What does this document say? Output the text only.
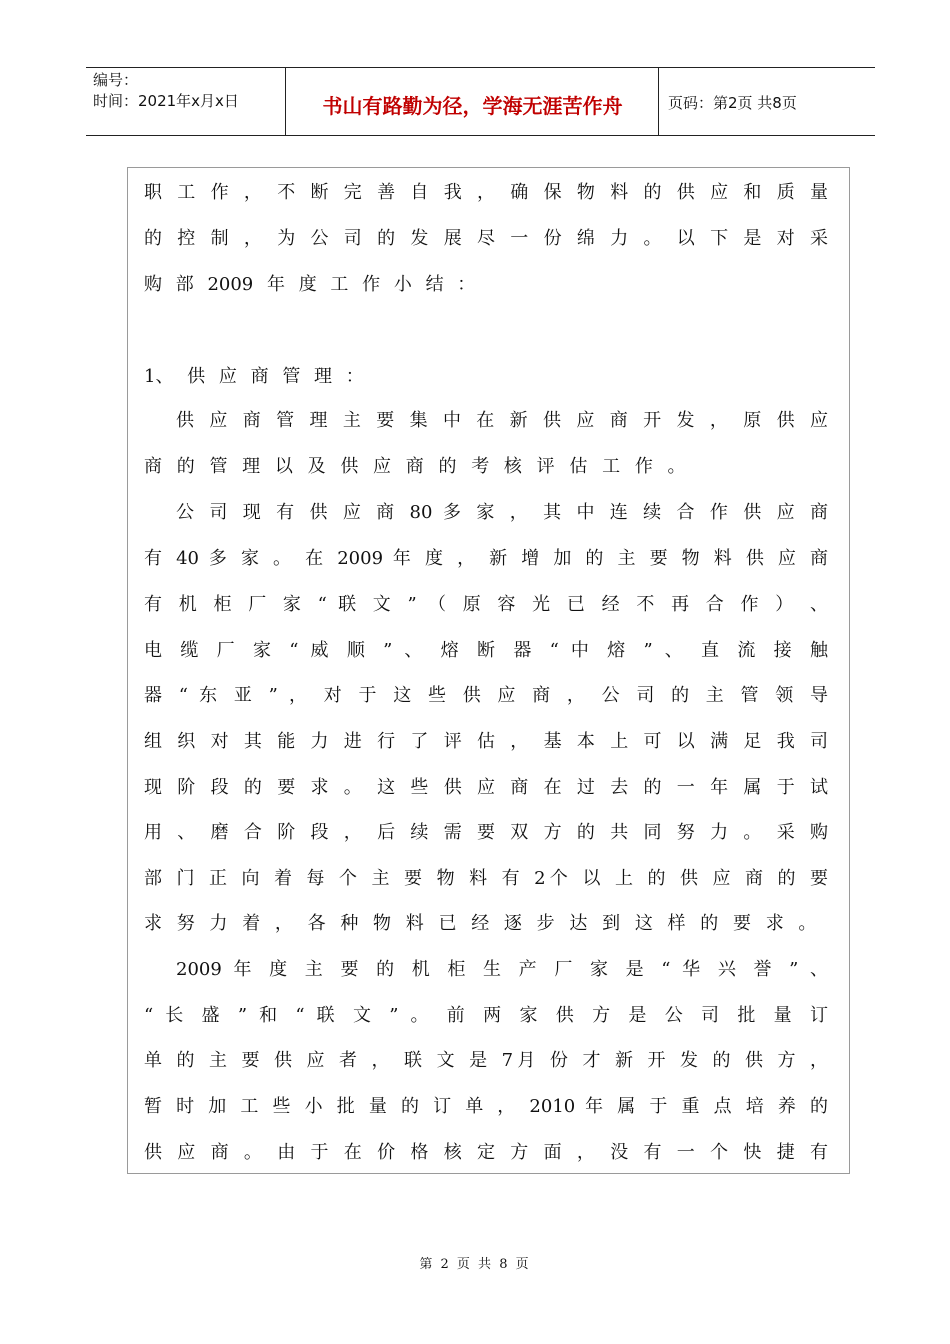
编号：
时间：2021年x月x日	书山有路勤为径，学海无涯苦作舟	页码：第2页 共8页
职 工 作 ， 不 断 完 善 自 我 ， 确 保 物 料 的 供 应 和 质 量
的 控 制 ， 为 公 司 的 发 展 尽 一 份 绵 力 。 以 下 是 对 采
购 部 2009 年 度 工 作 小 结 ：
1、 供 应 商 管 理 ：
供 应 商 管 理 主 要 集 中 在 新 供 应 商 开 发 ， 原 供 应
商 的 管 理 以 及 供 应 商 的 考 核 评 估 工 作 。
公 司 现 有 供 应 商 80 多 家 ， 其 中 连 续 合 作 供 应 商
有 40 多 家 。 在 2009 年 度 ， 新 增 加 的 主 要 物 料 供 应 商
有 机 柜 厂 家 “ 联 文 ” （ 原 容 光 已 经 不 再 合 作 ） 、
电 缆 厂 家 “ 威 顺 ” 、 熔 断 器 “ 中 熔 ” 、 直 流 接 触
器 “ 东 亚 ” ， 对 于 这 些 供 应 商 ， 公 司 的 主 管 领 导
组 织 对 其 能 力 进 行 了 评 估 ， 基 本 上 可 以 满 足 我 司
现 阶 段 的 要 求 。 这 些 供 应 商 在 过 去 的 一 年 属 于 试
用 、 磨 合 阶 段 ， 后 续 需 要 双 方 的 共 同 努 力 。 采 购
部 门 正 向 着 每 个 主 要 物 料 有 2个 以 上 的 供 应 商 的 要
求 努 力 着 ， 各 种 物 料 已 经 逐 步 达 到 这 样 的 要 求 。
2009 年 度 主 要 的 机 柜 生 产 厂 家 是 “ 华 兴 誉 ” 、
“ 长 盛 ” 和 “ 联 文 ” 。 前 两 家 供 方 是 公 司 批 量 订
单 的 主 要 供 应 者 ， 联 文 是 7月 份 才 新 开 发 的 供 方 ，
暂 时 加 工 些 小 批 量 的 订 单 ， 2010 年 属 于 重 点 培 养 的
供 应 商 。 由 于 在 价 格 核 定 方 面 ， 没 有 一 个 快 捷 有
第 2 页 共 8 页
